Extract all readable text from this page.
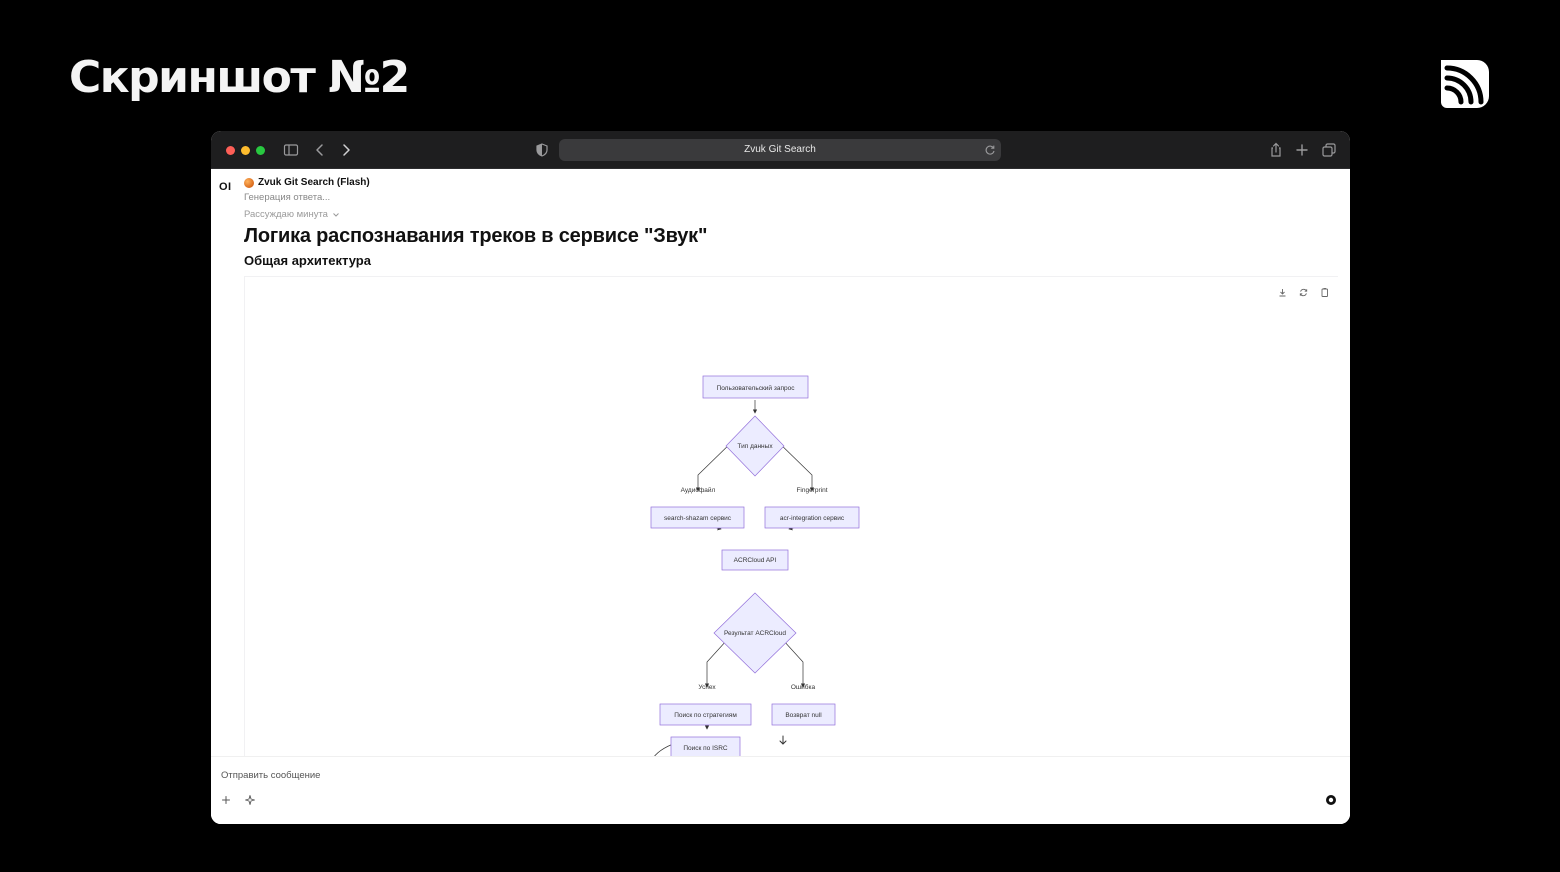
Скриншот №2
Zvuk Git Search
OI	Zvuk Git Search (Flash)
Генерация ответа...
Рассуждаю минута
Логика распознавания треков в сервисе "Звук"
Общая архитектура
Пользовательский запрос
Тип данных
Аудиофайл	Fingerprint
search-shazam сервис	acr-integration сервис
ACRCloud API
Результат ACRCloud
Успех	Ошибка
Поиск по стратегиям	Возврат null
Поиск по ISRC
Отправить сообщение
